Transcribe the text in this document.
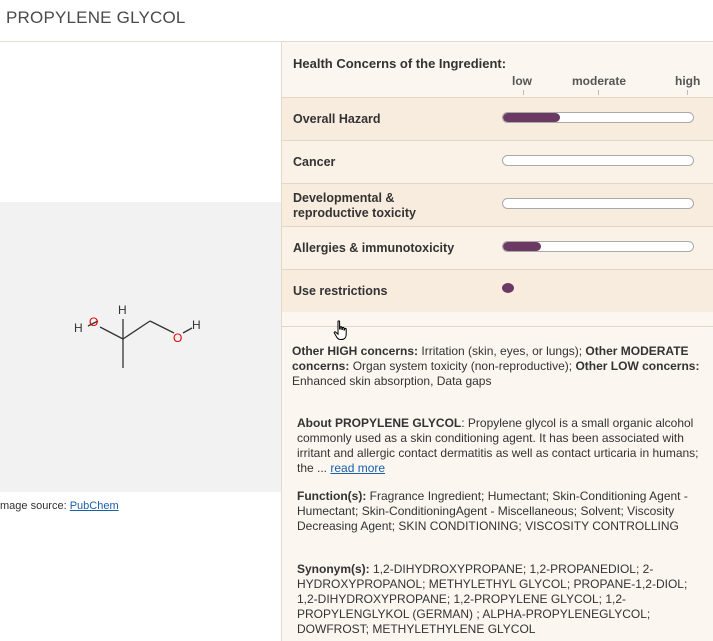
PROPYLENE GLYCOL
H O
H
O
H
mage source: PubChem
Health Concerns of the Ingredient:
low	moderate	high
Overall Hazard
Cancer
Developmental &
reproductive toxicity
Allergies & immunotoxicity
Use restrictions
Other HIGH concerns: Irritation (skin, eyes, or lungs); Other MODERATE concerns: Organ system toxicity (non-reproductive); Other LOW concerns: Enhanced skin absorption, Data gaps
About PROPYLENE GLYCOL: Propylene glycol is a small organic alcohol commonly used as a skin conditioning agent. It has been associated with irritant and allergic contact dermatitis as well as contact urticaria in humans; the ... read more
Function(s): Fragrance Ingredient; Humectant; Skin-Conditioning Agent - Humectant; Skin-ConditioningAgent - Miscellaneous; Solvent; Viscosity Decreasing Agent; SKIN CONDITIONING; VISCOSITY CONTROLLING
Synonym(s): 1,2-DIHYDROXYPROPANE; 1,2-PROPANEDIOL; 2-HYDROXYPROPANOL; METHYLETHYL GLYCOL; PROPANE-1,2-DIOL; 1,2-DIHYDROXYPROPANE; 1,2-PROPYLENE GLYCOL; 1,2-PROPYLENGLYKOL (GERMAN) ; ALPHA-PROPYLENEGLYCOL; DOWFROST; METHYLETHYLENE GLYCOL
